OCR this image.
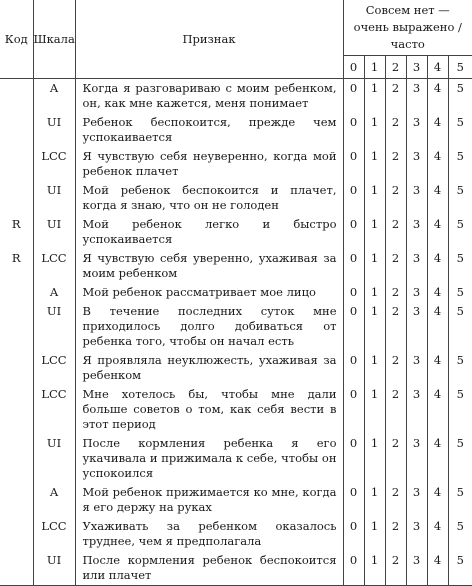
Код	Шкала	Признак	Совсем нет — очень выражено / часто					
			0	1	2	3	4	5
	A	Когда я разговариваю с моим ребенком, он, как мне кажется, меня понимает	0	1	2	3	4	5
	UI	Ребенок беспокоится, прежде чем успокаивается	0	1	2	3	4	5
	LCC	Я чувствую себя неуверенно, когда мой ребенок плачет	0	1	2	3	4	5
	UI	Мой ребенок беспокоится и плачет, когда я знаю, что он не голоден	0	1	2	3	4	5
R	UI	Мой ребенок легко и быстро успокаивается	0	1	2	3	4	5
R	LCC	Я чувствую себя уверенно, ухаживая за моим ребенком	0	1	2	3	4	5
	A	Мой ребенок рассматривает мое лицо	0	1	2	3	4	5
	UI	В течение последних суток мне приходилось долго добиваться от ребенка того, чтобы он начал есть	0	1	2	3	4	5
	LCC	Я проявляла неуклюжесть, ухаживая за ребенком	0	1	2	3	4	5
	LCC	Мне хотелось бы, чтобы мне дали больше советов о том, как себя вести в этот период	0	1	2	3	4	5
	UI	После кормления ребенка я его укачивала и прижимала к себе, чтобы он успокоился	0	1	2	3	4	5
	A	Мой ребенок прижимается ко мне, когда я его держу на руках	0	1	2	3	4	5
	LCC	Ухаживать за ребенком оказалось труднее, чем я предполагала	0	1	2	3	4	5
	UI	После кормления ребенок беспокоится или плачет	0	1	2	3	4	5
